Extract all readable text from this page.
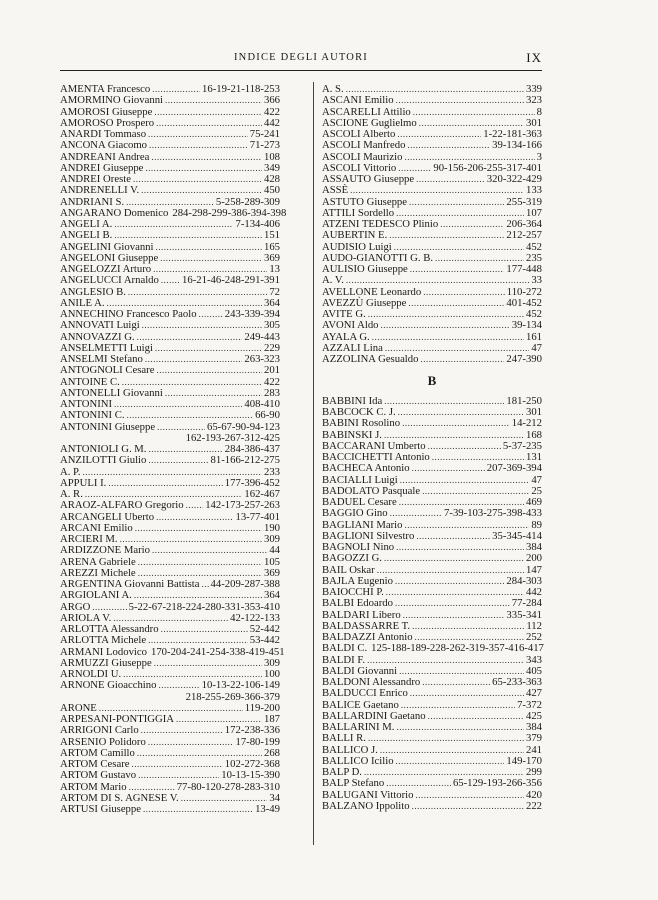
INDICE DEGLI AUTORI	IX
AMENTA Francesco .....	16-19-21-118-253
AMORMINO Giovanni .....	366
AMOROSI Giuseppe .....	422
AMOROSO Prospero .....	442
ANARDI Tommaso .....	75-241
ANCONA Giacomo .....	71-273
ANDREANI Andrea .....	108
ANDREI Giuseppe .....	349
ANDREI Oreste .....	428
ANDRENELLI V. .....	450
ANDRIANI S. .....	5-258-289-309
ANGARANO Domenico 284-298-299-386-394-398
ANGELI A. .....	7-134-406
ANGELI B. .....	151
ANGELINI Giovanni .....	165
ANGELONI Giuseppe .....	369
ANGELOZZI Arturo .....	13
ANGELUCCI Arnaldo ..... 16-21-46-248-291-391
ANGLESIO B. .....	72
ANILE A. .....	364
ANNECHINO Francesco Paolo .....	243-339-394
ANNOVATI Luigi .....	305
ANNOVAZZI G. .....	249-443
ANSELMETTI Luigi .....	229
ANSELMI Stefano .....	263-323
ANTOGNOLI Cesare .....	201
ANTOINE C. .....	422
ANTONELLI Giovanni .....	283
ANTONINI .....	408-410
ANTONINI C. .....	66-90
ANTONINI Giuseppe .....	65-67-90-94-123
162-193-267-312-425
ANTONIOLI G. M. .....	284-386-437
ANZILOTTI Giulio .....	81-166-212-275
A. P. .....	233
APPULI I. .....	177-396-452
A. R. .....	162-467
ARAOZ-ALFARO Gregorio ..... 142-173-257-263
ARCANGELI Uberto .....	13-77-401
ARCANI Emilio .....	190
ARCIERI M. .....	309
ARDIZZONE Mario .....	44
ARENA Gabriele .....	105
AREZZI Michele .....	369
ARGENTINA Giovanni Battista ..... 44-209-287-388
ARGIOLANI A. .....	364
ARGO .....	5-22-67-218-224-280-331-353-410
ARIOLA V. .....	42-122-133
ARLOTTA Alessandro .....	52-442
ARLOTTA Michele .....	53-442
ARMANI Lodovico 170-204-241-254-338-419-451
ARMUZZI Giuseppe .....	309
ARNOLDI U. .....	100
ARNONE Gioacchino .....	10-13-22-106-149
218-255-269-366-379
ARONE .....	119-200
ARPESANI-PONTIGGIA .....	187
ARRIGONI Carlo .....	172-238-336
ARSENIO Polidoro .....	17-80-199
ARTOM Camillo .....	268
ARTOM Cesare .....	102-272-368
ARTOM Gustavo .....	10-13-15-390
ARTOM Mario .....	77-80-120-278-283-310
ARTOM DI S. AGNESE V. .....	34
ARTUSI Giuseppe .....	13-49
A. S. .....	339
ASCANI Emilio .....	323
ASCARELLI Attilio .....	8
ASCIONE Guglielmo .....	301
ASCOLI Alberto .....	1-22-181-363
ASCOLI Manfredo .....	39-134-166
ASCOLI Maurizio .....	3
ASCOLI Vittorio .....	90-156-206-255-317-401
ASSAUTO Giuseppe .....	320-322-429
ASSÈ .....	133
ASTUTO Giuseppe .....	255-319
ATTILI Sordello .....	107
ATZENI TEDESCO Plinio .....	206-364
AUBERTIN E. .....	212-257
AUDISIO Luigi .....	452
AUDO-GIANOTTI G. B. .....	235
AULISIO Giuseppe .....	177-448
A. V. .....	33
AVELLONE Leonardo .....	110-272
AVEZZÙ Giuseppe .....	401-452
AVITE G. .....	452
AVONI Aldo .....	39-134
AYALA G. .....	161
AZZALI Lina .....	47
AZZOLINA Gesualdo .....	247-390
B
BABBINI Ida .....	181-250
BABCOCK C. J. .....	301
BABINI Rosolino .....	14-212
BABINSKI J. .....	168
BACCARANI Umberto .....	5-37-235
BACCICHETTI Antonio .....	131
BACHECA Antonio .....	207-369-394
BACIALLI Luigi .....	47
BADOLATO Pasquale .....	25
BADUEL Cesare .....	469
BAGGIO Gino .....	7-39-103-275-398-433
BAGLIANI Mario .....	89
BAGLIONI Silvestro .....	35-345-414
BAGNOLI Nino .....	384
BAGOZZI G. .....	200
BAIL Oskar .....	147
BAJLA Eugenio .....	284-303
BAIOCCHI P. .....	442
BALBI Edoardo .....	77-284
BALDARI Libero .....	335-341
BALDASSARRE T. .....	112
BALDAZZI Antonio .....	252
BALDI C. 125-188-189-228-262-319-357-416-417
BALDI F. .....	343
BALDI Giovanni .....	405
BALDONI Alessandro .....	65-233-363
BALDUCCI Enrico .....	427
BALICE Gaetano .....	7-372
BALLARDINI Gaetano .....	425
BALLARINI M. .....	384
BALLI R. .....	379
BALLICO J. .....	241
BALLICO Icilio .....	149-170
BALP D. .....	299
BALP Stefano .....	65-129-193-266-356
BALUGANI Vittorio .....	420
BALZANO Ippolito .....	222
